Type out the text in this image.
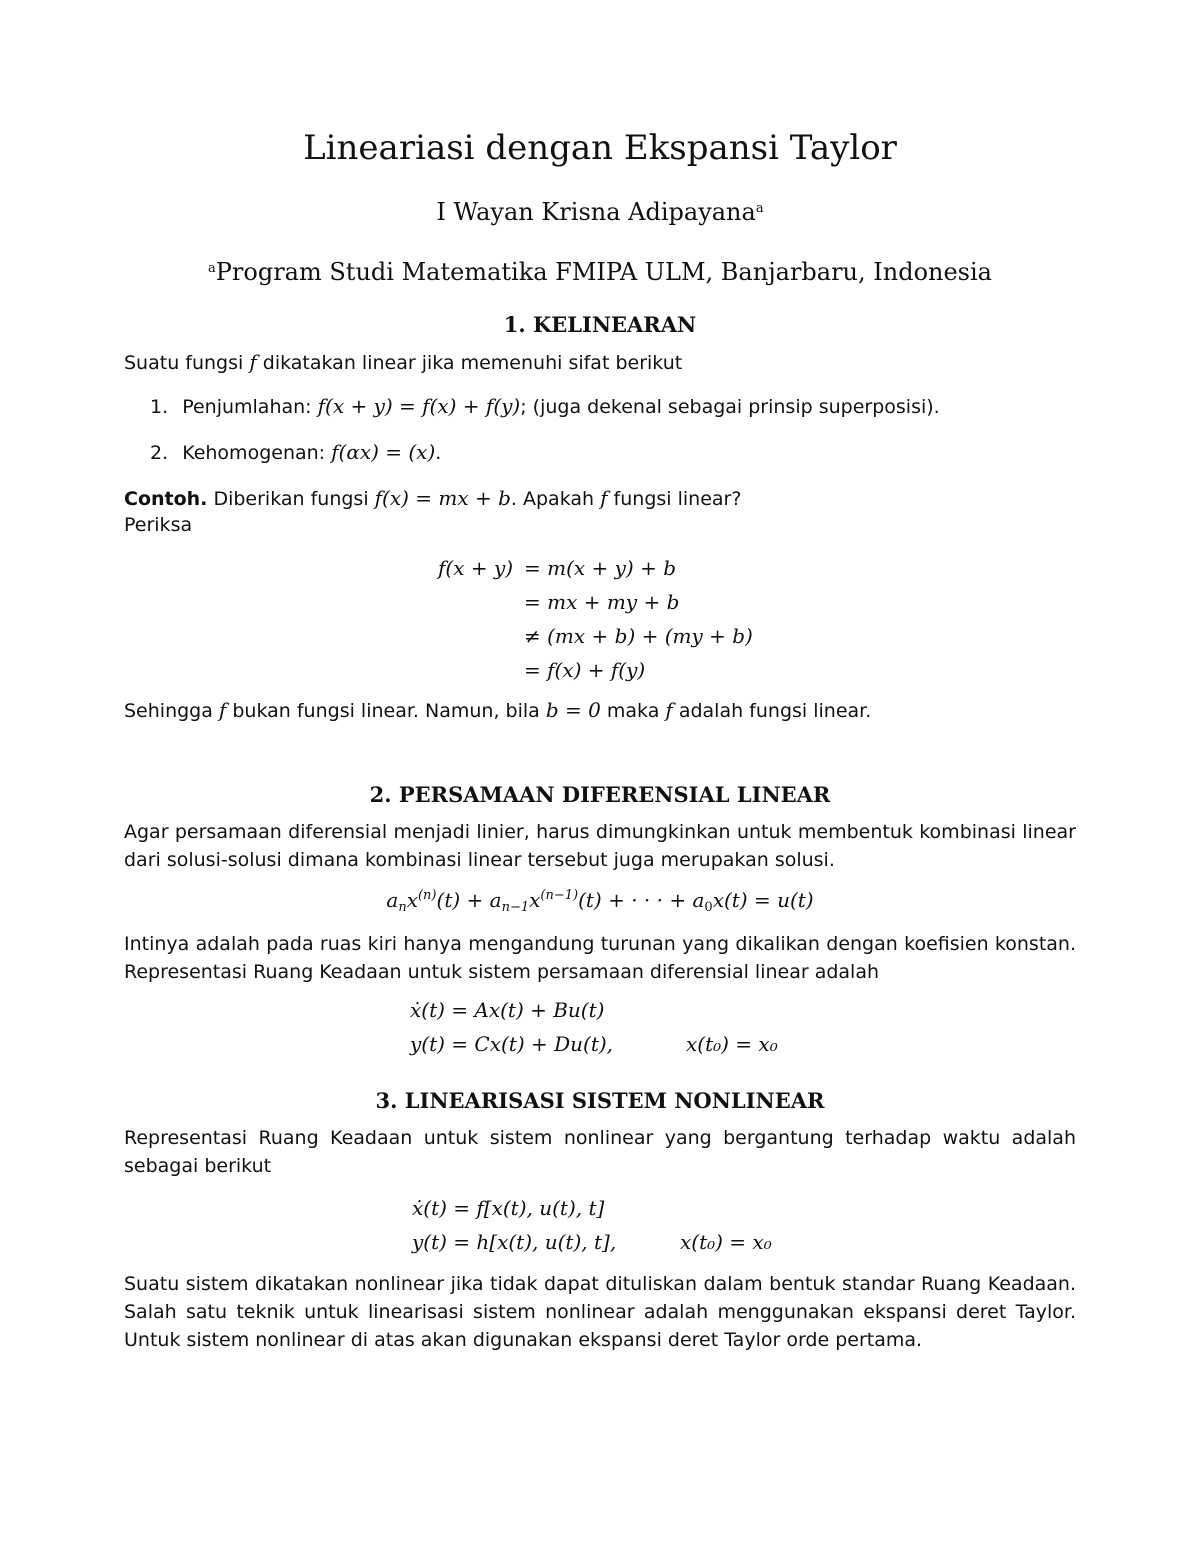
Lineariasi dengan Ekspansi Taylor
I Wayan Krisna Adipayana$^a$
$^a$Program Studi Matematika FMIPA ULM, Banjarbaru, Indonesia
1. KELINEARAN
Suatu fungsi f dikatakan linear jika memenuhi sifat berikut
1. Penjumlahan: f(x + y) = f(x) + f(y); (juga dekenal sebagai prinsip superposisi).
2. Kehomogenan: f(αx) = (x).
Contoh. Diberikan fungsi f(x) = mx + b. Apakah f fungsi linear?
Periksa
f(x + y) = m(x + y) + b
= mx + my + b
≠ (mx + b) + (my + b)
= f(x) + f(y)
Sehingga f bukan fungsi linear. Namun, bila b = 0 maka f adalah fungsi linear.
2. PERSAMAAN DIFERENSIAL LINEAR
Agar persamaan diferensial menjadi linier, harus dimungkinkan untuk membentuk kombinasi linear dari solusi-solusi dimana kombinasi linear tersebut juga merupakan solusi.
$a_nx^{(n)}(t) + a_{n-1}x^{(n-1)}(t)$ + · · · + $a_0x(t) = u(t)$
Intinya adalah pada ruas kiri hanya mengandung turunan yang dikalikan dengan koefisien konstan. Representasi Ruang Keadaan untuk sistem persamaan diferensial linear adalah
ẋ(t) = Ax(t) + Bu(t)
y(t) = Cx(t) + Du(t),	x(t₀) = x₀
3. LINEARISASI SISTEM NONLINEAR
Representasi Ruang Keadaan untuk sistem nonlinear yang bergantung terhadap waktu adalah sebagai berikut
ẋ(t) = f[x(t), u(t), t]
y(t) = h[x(t), u(t), t],	x(t₀) = x₀
Suatu sistem dikatakan nonlinear jika tidak dapat dituliskan dalam bentuk standar Ruang Keadaan. Salah satu teknik untuk linearisasi sistem nonlinear adalah menggunakan ekspansi deret Taylor. Untuk sistem nonlinear di atas akan digunakan ekspansi deret Taylor orde pertama.
